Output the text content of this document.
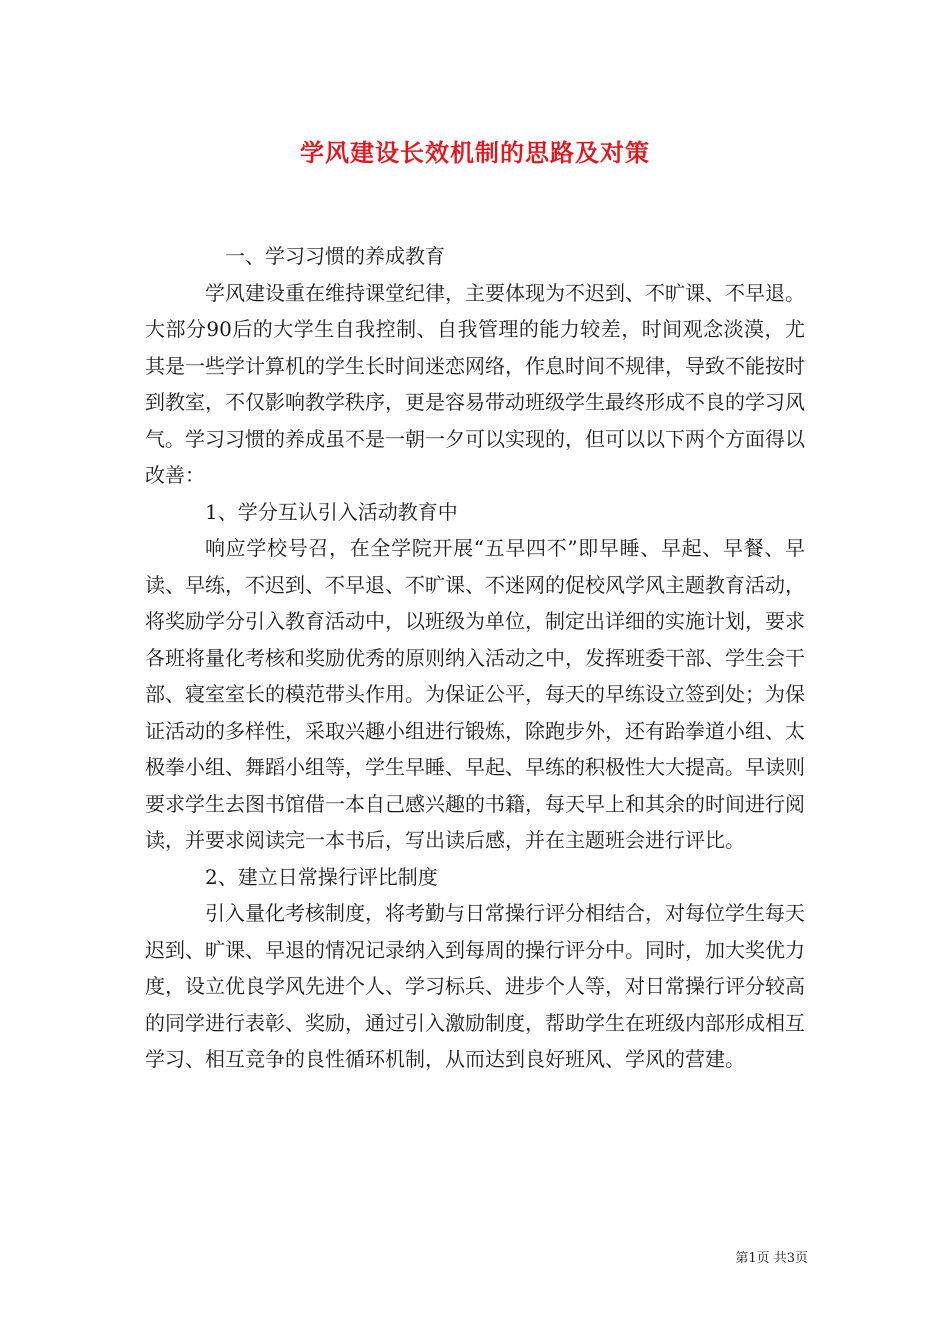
学风建设长效机制的思路及对策

一、学习习惯的养成教育

学风建设重在维持课堂纪律，主要体现为不迟到、不旷课、不早退。大部分90后的大学生自我控制、自我管理的能力较差，时间观念淡漠，尤其是一些学计算机的学生长时间迷恋网络，作息时间不规律，导致不能按时到教室，不仅影响教学秩序，更是容易带动班级学生最终形成不良的学习风气。学习习惯的养成虽不是一朝一夕可以实现的，但可以以下两个方面得以改善：

1、学分互认引入活动教育中

响应学校号召，在全学院开展“五早四不”即早睡、早起、早餐、早读、早练，不迟到、不早退、不旷课、不迷网的促校风学风主题教育活动，将奖励学分引入教育活动中，以班级为单位，制定出详细的实施计划，要求各班将量化考核和奖励优秀的原则纳入活动之中，发挥班委干部、学生会干部、寝室室长的模范带头作用。为保证公平，每天的早练设立签到处；为保证活动的多样性，采取兴趣小组进行锻炼，除跑步外，还有跆拳道小组、太极拳小组、舞蹈小组等，学生早睡、早起、早练的积极性大大提高。早读则要求学生去图书馆借一本自己感兴趣的书籍，每天早上和其余的时间进行阅读，并要求阅读完一本书后，写出读后感，并在主题班会进行评比。

2、建立日常操行评比制度

引入量化考核制度，将考勤与日常操行评分相结合，对每位学生每天迟到、旷课、早退的情况记录纳入到每周的操行评分中。同时，加大奖优力度，设立优良学风先进个人、学习标兵、进步个人等，对日常操行评分较高的同学进行表彰、奖励，通过引入激励制度，帮助学生在班级内部形成相互学习、相互竞争的良性循环机制，从而达到良好班风、学风的营建。

第1页 共3页
